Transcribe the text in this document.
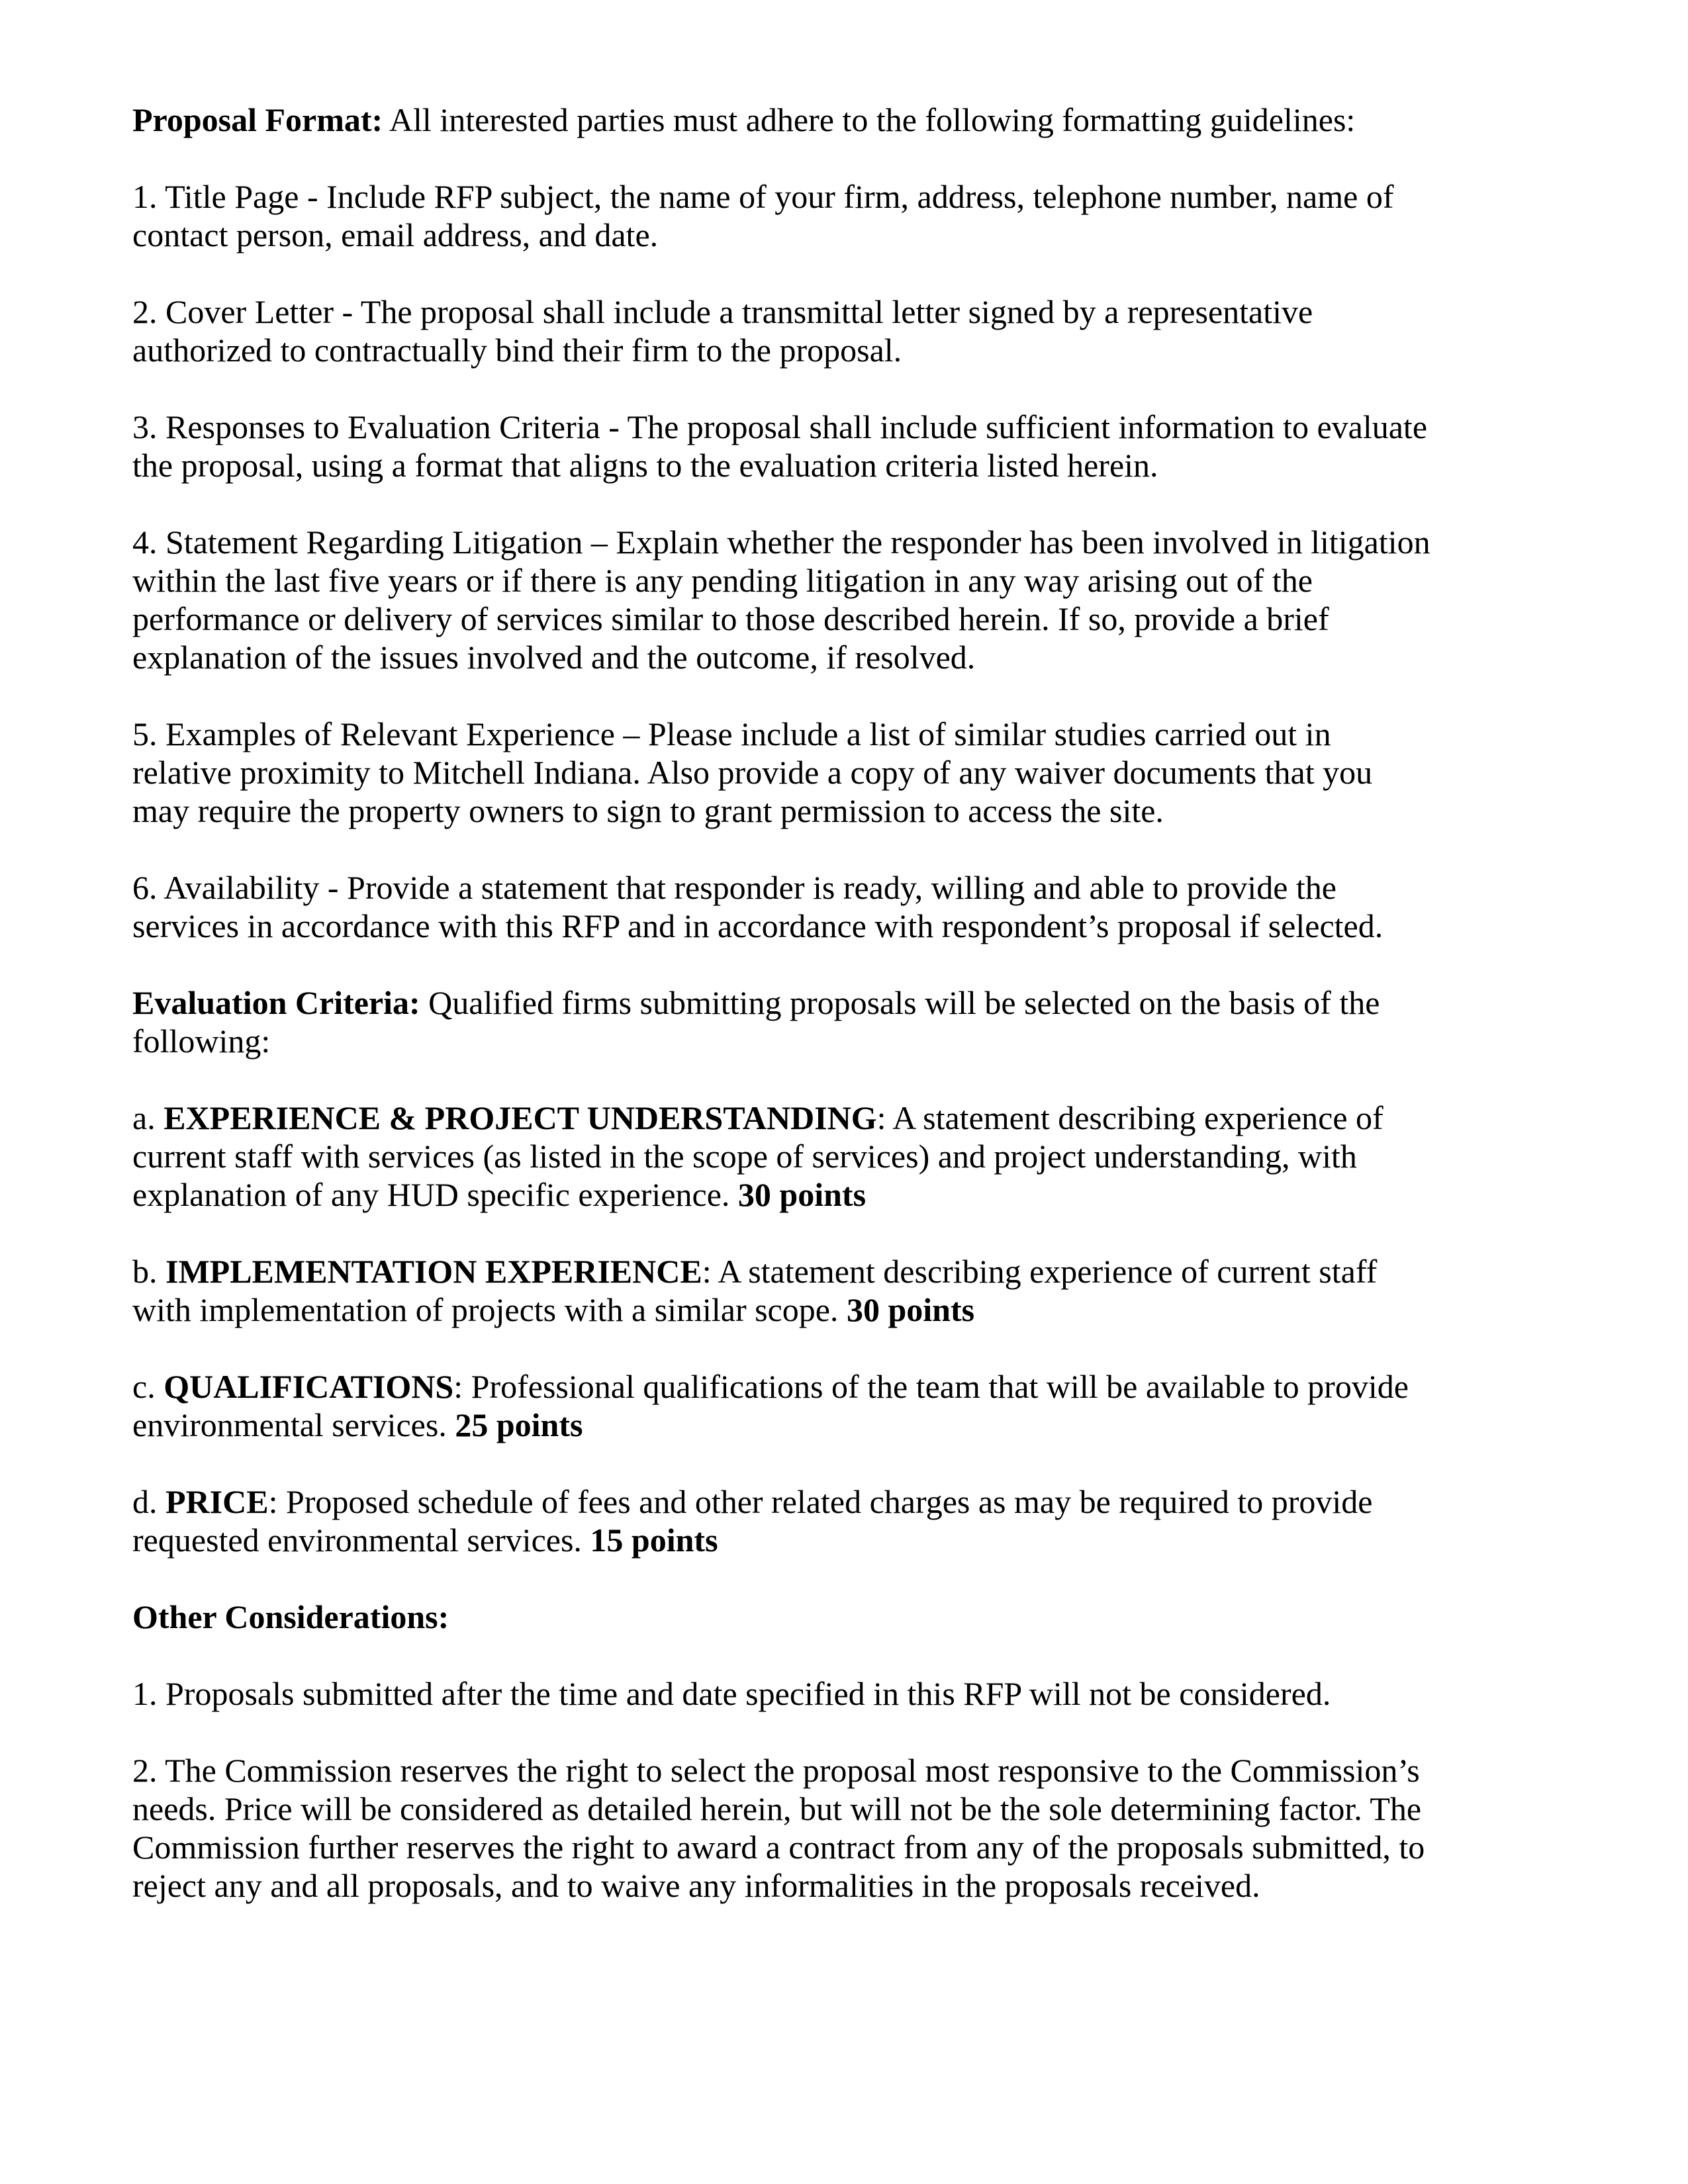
Proposal Format: All interested parties must adhere to the following formatting guidelines:

1. Title Page - Include RFP subject, the name of your firm, address, telephone number, name of
contact person, email address, and date.

2. Cover Letter - The proposal shall include a transmittal letter signed by a representative
authorized to contractually bind their firm to the proposal.

3. Responses to Evaluation Criteria - The proposal shall include sufficient information to evaluate
the proposal, using a format that aligns to the evaluation criteria listed herein.

4. Statement Regarding Litigation – Explain whether the responder has been involved in litigation
within the last five years or if there is any pending litigation in any way arising out of the
performance or delivery of services similar to those described herein. If so, provide a brief
explanation of the issues involved and the outcome, if resolved.

5. Examples of Relevant Experience – Please include a list of similar studies carried out in
relative proximity to Mitchell Indiana. Also provide a copy of any waiver documents that you
may require the property owners to sign to grant permission to access the site.

6. Availability - Provide a statement that responder is ready, willing and able to provide the
services in accordance with this RFP and in accordance with respondent’s proposal if selected.

Evaluation Criteria: Qualified firms submitting proposals will be selected on the basis of the
following:

a. EXPERIENCE & PROJECT UNDERSTANDING: A statement describing experience of
current staff with services (as listed in the scope of services) and project understanding, with
explanation of any HUD specific experience. 30 points

b. IMPLEMENTATION EXPERIENCE: A statement describing experience of current staff
with implementation of projects with a similar scope. 30 points

c. QUALIFICATIONS: Professional qualifications of the team that will be available to provide
environmental services. 25 points

d. PRICE: Proposed schedule of fees and other related charges as may be required to provide
requested environmental services. 15 points

Other Considerations:

1. Proposals submitted after the time and date specified in this RFP will not be considered.

2. The Commission reserves the right to select the proposal most responsive to the Commission’s
needs. Price will be considered as detailed herein, but will not be the sole determining factor. The
Commission further reserves the right to award a contract from any of the proposals submitted, to
reject any and all proposals, and to waive any informalities in the proposals received.
